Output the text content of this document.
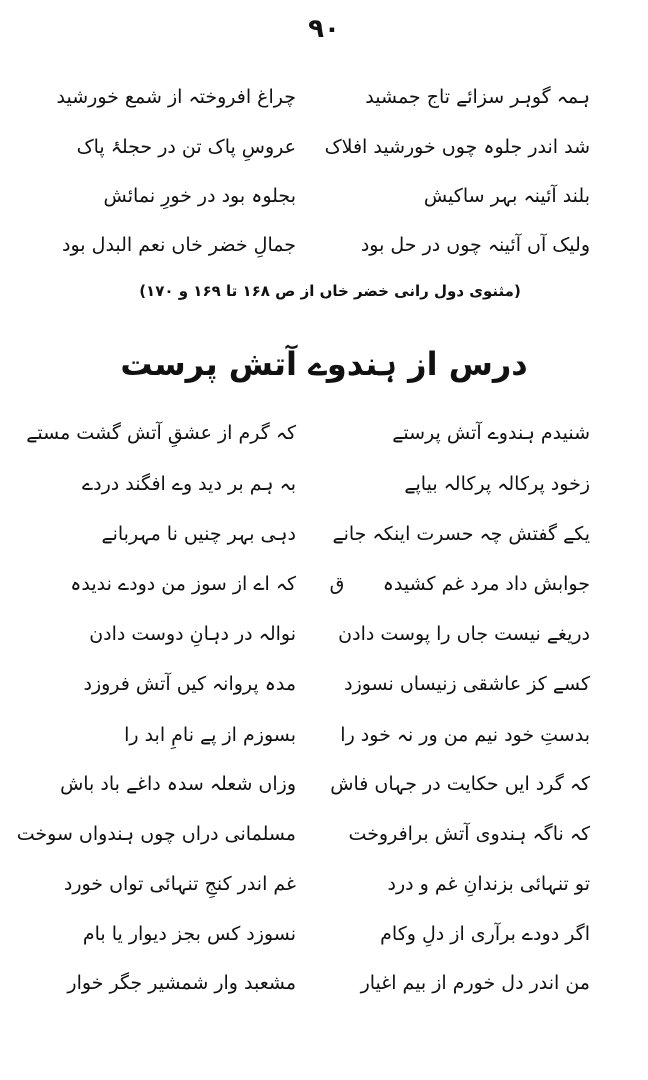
۹۰
ہمہ گوہر سزائے تاج جمشید
چراغ افروختہ از شمع خورشید
شد اندر جلوہ چوں خورشید افلاک
عروسِ پاک تن در حجلۂ پاک
بلند آئینہ بہر ساکیش
بجلوہ بود در خورِ نمائش
ولیک آں آئینہ چوں در حل بود
جمالِ خضر خاں نعم البدل بود
(مثنوی دول رانی خضر خاں از ص ۱۶۸ تا ۱۶۹ و ۱۷۰)
درس از ہندوے آتش پرست
شنیدم ہندوے آتش پرستے
کہ گرم از عشقِ آتش گشت مستے
زخود پرکالہ پرکالہ بیاپے
بہ ہم بر دید وے افگند دردے
یکے گفتش چہ حسرت اینکہ جانے
دہی بہر چنیں نا مہربانے
جوابش داد مرد غم کشیدہ
ق
کہ اے از سوز من دودے ندیدہ
دریغے نیست جاں را پوست دادن
نوالہ در دہانِ دوست دادن
کسے کز عاشقی زنیساں نسوزد
مدہ پروانہ کیں آتش فروزد
بدستِ خود نیم من ور نہ خود را
بسوزم از پے نامِ ابد را
کہ گرد ایں حکایت در جہاں فاش
وزاں شعلہ سدہ داغے باد باش
کہ ناگہ ہندوی آتش برافروخت
مسلمانی دراں چوں ہندواں سوخت
تو تنہائی بزندانِ غم و درد
غم اندر کنجِ تنہائی تواں خورد
اگر دودے برآری از دلِ وکام
نسوزد کس بجز دیوار یا بام
من اندر دل خورم از بیم اغیار
مشعبد وار شمشیر جگر خوار
